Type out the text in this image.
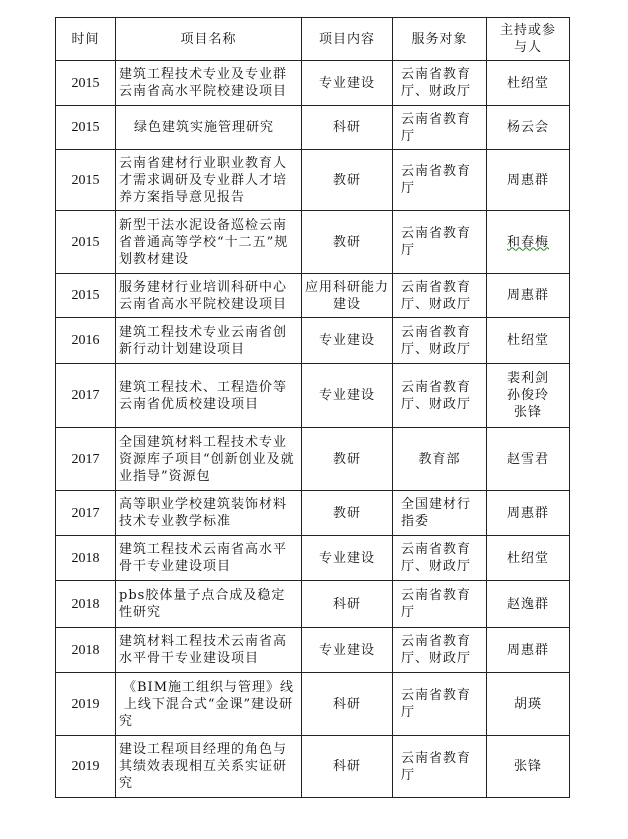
时间	项目名称	项目内容	服务对象	主持或参与人
2015	建筑工程技术专业及专业群云南省高水平院校建设项目	专业建设	云南省教育厅、财政厅	杜绍堂
2015	绿色建筑实施管理研究	科研	云南省教育厅	杨云会
2015	云南省建材行业职业教育人才需求调研及专业群人才培养方案指导意见报告	教研	云南省教育厅	周惠群
2015	新型干法水泥设备巡检云南省普通高等学校“十二五”规划教材建设	教研	云南省教育厅	和春梅
2015	服务建材行业培训科研中心云南省高水平院校建设项目	应用科研能力建设	云南省教育厅、财政厅	周惠群
2016	建筑工程技术专业云南省创新行动计划建设项目	专业建设	云南省教育厅、财政厅	杜绍堂
2017	建筑工程技术、工程造价等云南省优质校建设项目	专业建设	云南省教育厅、财政厅	裴利剑 孙俊玲 张锋
2017	全国建筑材料工程技术专业资源库子项目“创新创业及就业指导”资源包	教研	教育部	赵雪君
2017	高等职业学校建筑装饰材料技术专业教学标准	教研	全国建材行指委	周惠群
2018	建筑工程技术云南省高水平骨干专业建设项目	专业建设	云南省教育厅、财政厅	杜绍堂
2018	pbs胶体量子点合成及稳定性研究	科研	云南省教育厅	赵逸群
2018	建筑材料工程技术云南省高水平骨干专业建设项目	专业建设	云南省教育厅、财政厅	周惠群
2019	《BIM施工组织与管理》线上线下混合式“金课”建设研究	科研	云南省教育厅	胡瑛
2019	建设工程项目经理的角色与其绩效表现相互关系实证研究	科研	云南省教育厅	张锋
